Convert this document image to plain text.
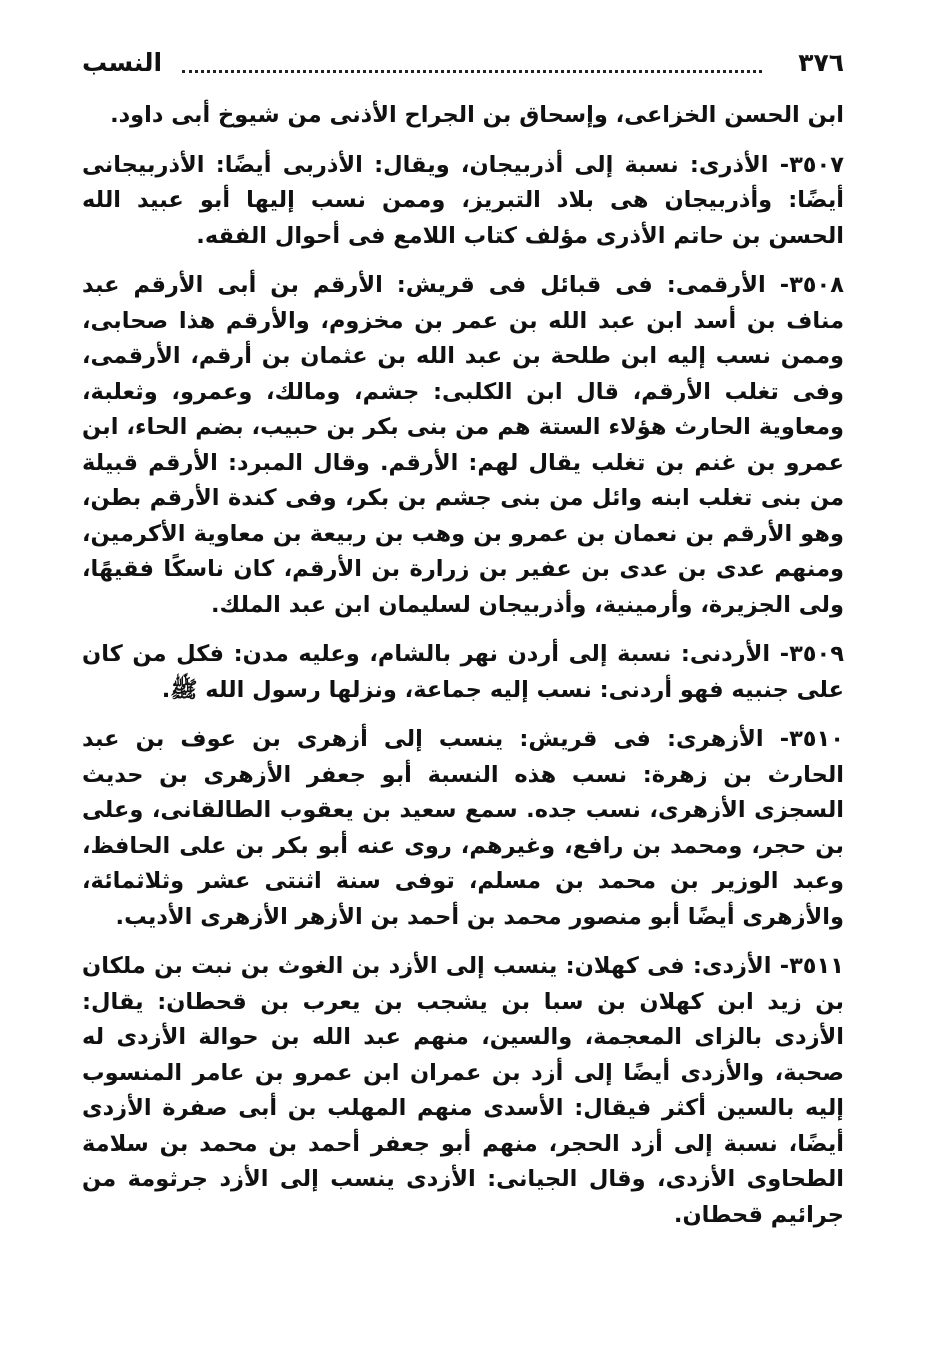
٣٧٦
النسب

ابن الحسن الخزاعى، وإسحاق بن الجراح الأذنى من شيوخ أبى داود.

٣٥٠٧- الأذرى: نسبة إلى أذربيجان، ويقال: الأذربى أيضًا: الأذربيجانى أيضًا: وأذربيجان هى بلاد التبريز، وممن نسب إليها أبو عبيد الله الحسن بن حاتم الأذرى مؤلف كتاب اللامع فى أحوال الفقه.

٣٥٠٨- الأرقمى: فى قبائل فى قريش: الأرقم بن أبى الأرقم عبد مناف بن أسد ابن عبد الله بن عمر بن مخزوم، والأرقم هذا صحابى، وممن نسب إليه ابن طلحة بن عبد الله بن عثمان بن أرقم، الأرقمى، وفى تغلب الأرقم، قال ابن الكلبى: جشم، ومالك، وعمرو، وثعلبة، ومعاوية الحارث هؤلاء الستة هم من بنى بكر بن حبيب، بضم الحاء، ابن عمرو بن غنم بن تغلب يقال لهم: الأرقم. وقال المبرد: الأرقم قبيلة من بنى تغلب ابنه وائل من بنى جشم بن بكر، وفى كندة الأرقم بطن، وهو الأرقم بن نعمان بن عمرو بن وهب بن ربيعة بن معاوية الأكرمين، ومنهم عدى بن عدى بن عفير بن زرارة بن الأرقم، كان ناسكًا فقيهًا، ولى الجزيرة، وأرمينية، وأذربيجان لسليمان ابن عبد الملك.

٣٥٠٩- الأردنى: نسبة إلى أردن نهر بالشام، وعليه مدن: فكل من كان على جنبيه فهو أردنى: نسب إليه جماعة، ونزلها رسول الله ﷺ.

٣٥١٠- الأزهرى: فى قريش: ينسب إلى أزهرى بن عوف بن عبد الحارث بن زهرة: نسب هذه النسبة أبو جعفر الأزهرى بن حديث السجزى الأزهرى، نسب جده. سمع سعيد بن يعقوب الطالقانى، وعلى بن حجر، ومحمد بن رافع، وغيرهم، روى عنه أبو بكر بن على الحافظ، وعبد الوزير بن محمد بن مسلم، توفى سنة اثنتى عشر وثلاثمائة، والأزهرى أيضًا أبو منصور محمد بن أحمد بن الأزهر الأزهرى الأديب.

٣٥١١- الأزدى: فى كهلان: ينسب إلى الأزد بن الغوث بن نبت بن ملكان بن زيد ابن كهلان بن سبا بن يشجب بن يعرب بن قحطان: يقال: الأزدى بالزاى المعجمة، والسين، منهم عبد الله بن حوالة الأزدى له صحبة، والأزدى أيضًا إلى أزد بن عمران ابن عمرو بن عامر المنسوب إليه بالسين أكثر فيقال: الأسدى منهم المهلب بن أبى صفرة الأزدى أيضًا، نسبة إلى أزد الحجر، منهم أبو جعفر أحمد بن محمد بن سلامة الطحاوى الأزدى، وقال الجيانى: الأزدى ينسب إلى الأزد جرثومة من جرائيم قحطان.
